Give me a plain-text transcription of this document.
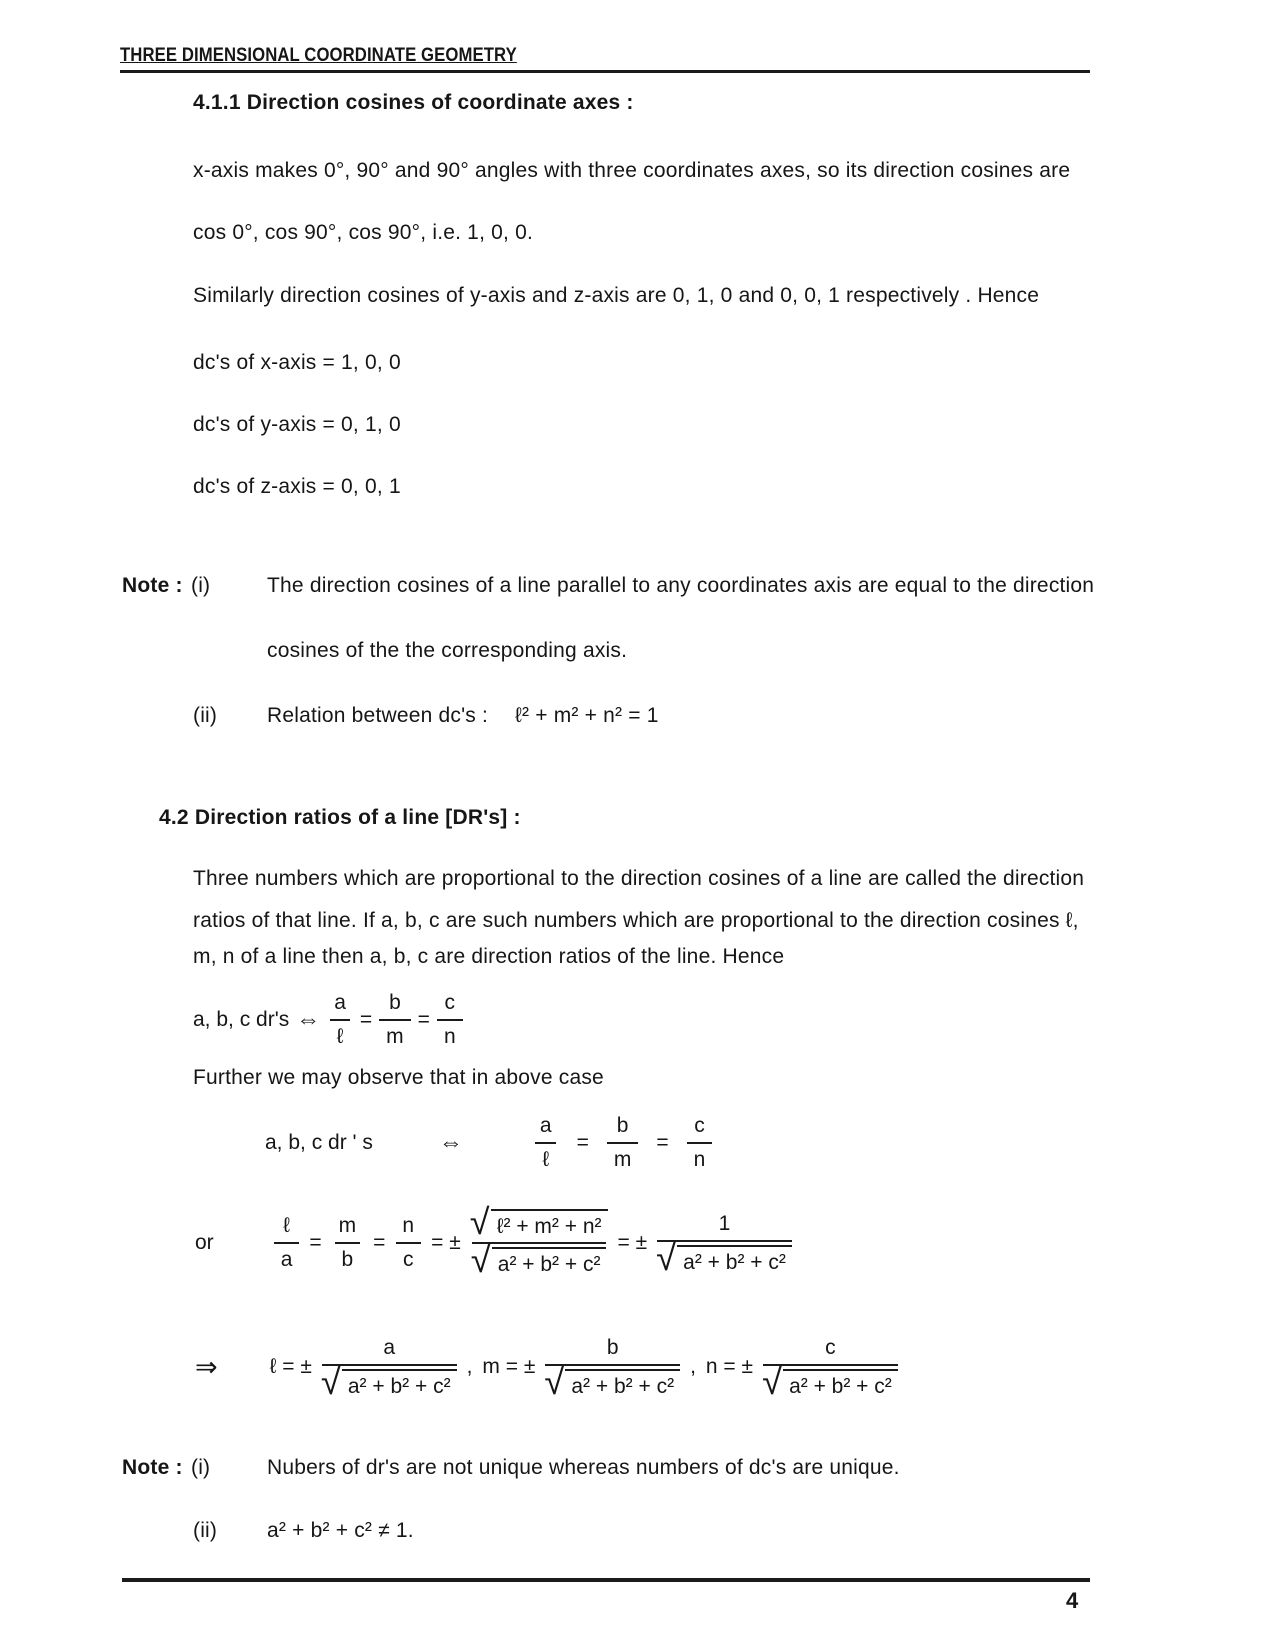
THREE DIMENSIONAL COORDINATE GEOMETRY
4.1.1 Direction cosines of coordinate axes :
x-axis makes 0°, 90° and 90° angles with three coordinates axes, so its direction cosines are
cos 0°, cos 90°, cos 90°, i.e. 1, 0, 0.
Similarly direction cosines of y-axis and z-axis are 0, 1, 0 and 0, 0, 1 respectively . Hence
dc's of x-axis = 1, 0, 0
dc's of y-axis = 0, 1, 0
dc's of z-axis = 0, 0, 1
Note : (i)	The direction cosines of a line parallel to any coordinates axis are equal to the direction
cosines of the the corresponding axis.
(ii) Relation between dc's : ℓ² + m² + n² = 1
4.2 Direction ratios of a line [DR's] :
Three numbers which are proportional to the direction cosines of a line are called the direction
ratios of that line. If a, b, c are such numbers which are proportional to the direction cosines ℓ,
m, n of a line then a, b, c are direction ratios of the line. Hence
a, b, c dr's ⇔ $\frac{a}{\text{ℓ}} = \frac{b}{m} = \frac{c}{n}$
Further we may observe that in above case
a, b, c dr ' s	⇔	$\frac{a}{\text{ℓ}} = \frac{b}{m} = \frac{c}{n}$
or	$\frac{\text{ℓ}}{a} = \frac{m}{b} = \frac{n}{c}$ = ± √ ℓ² + m² + n²
√ a² + b² + c² = ± 1
√ a² + b² + c²
⇒ ℓ = ± a
√ a² + b² + c² , m = ± b
√ a² + b² + c² , n = ± c
√ a² + b² + c²
Note : (i)	Nubers of dr's are not unique whereas numbers of dc's are unique.
(ii) a² + b² + c² ≠ 1.
4
